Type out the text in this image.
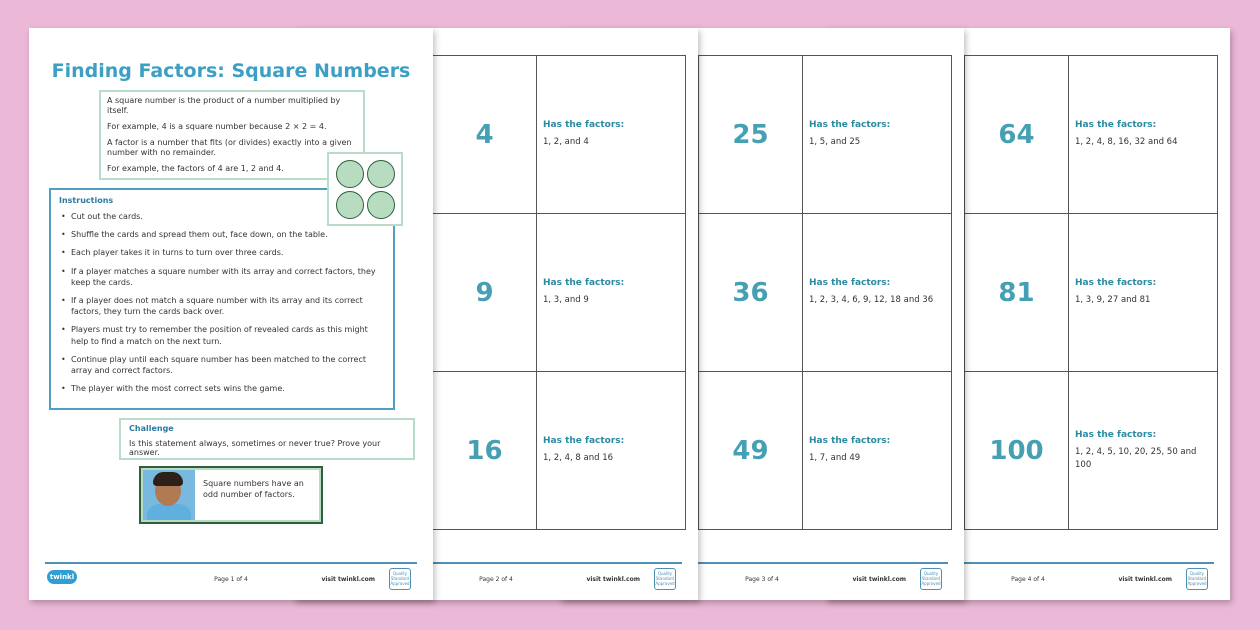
64	Has the factors:
1, 2, 4, 8, 16, 32 and 64
81	Has the factors:
1, 3, 9, 27 and 81
100
Has the factors:
1, 2, 4, 5, 10, 20, 25, 50 and 100
Page 4 of 4	visit twinkl.com
Quality Standard Approved
25	Has the factors:
1, 5, and 25
36	Has the factors:
1, 2, 3, 4, 6, 9, 12, 18 and 36
49	Has the factors:
1, 7, and 49
Page 3 of 4	visit twinkl.com
Quality Standard Approved
4	Has the factors:
1, 2, and 4
9	Has the factors:
1, 3, and 9
16	Has the factors:
1, 2, 4, 8 and 16
Page 2 of 4	visit twinkl.com
Quality Standard Approved
Finding Factors: Square Numbers

A square number is the product of a number multiplied by itself.

For example, 4 is a square number because 2 × 2 = 4.

A factor is a number that fits (or divides) exactly into a given number with no remainder.

For example, the factors of 4 are 1, 2 and 4.

Instructions
• Cut out the cards.
• Shuffle the cards and spread them out, face down, on the table.
• Each player takes it in turns to turn over three cards.
• If a player matches a square number with its array and correct factors, they keep the cards.
• If a player does not match a square number with its array and its correct factors, they turn the cards back over.
• Players must try to remember the position of revealed cards as this might help to find a match on the next turn.
• Continue play until each square number has been matched to the correct array and correct factors.
• The player with the most correct sets wins the game.
Challenge

Is this statement always, sometimes or never true? Prove your answer.

Square numbers have an odd number of factors.
twinkl	Page 1 of 4	visit twinkl.com
Quality Standard Approved
